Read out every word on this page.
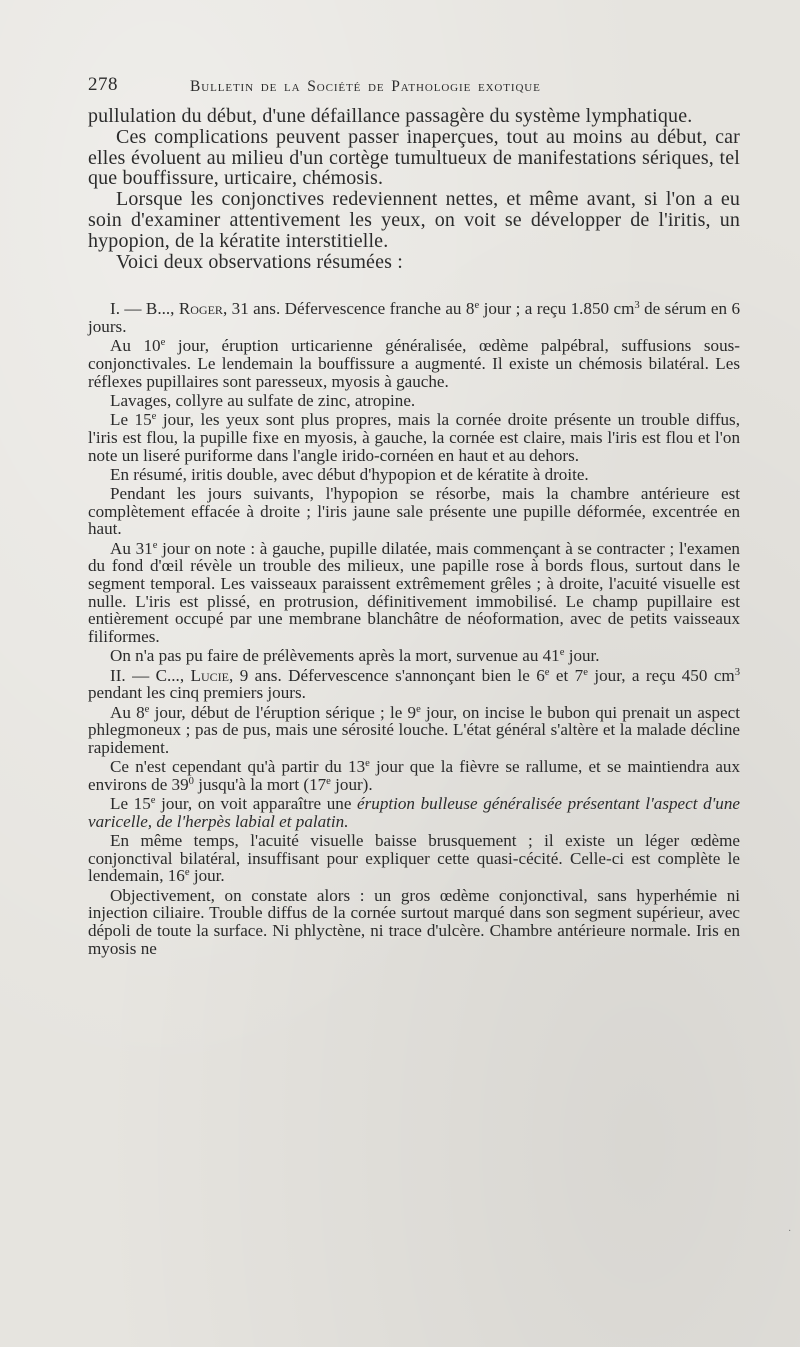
278	Bulletin de la Société de Pathologie exotique

pullulation du début, d'une défaillance passagère du système lymphatique.

Ces complications peuvent passer inaperçues, tout au moins au début, car elles évoluent au milieu d'un cortège tumultueux de manifestations sériques, tel que bouffissure, urticaire, chémosis.

Lorsque les conjonctives redeviennent nettes, et même avant, si l'on a eu soin d'examiner attentivement les yeux, on voit se développer de l'iritis, un hypopion, de la kératite interstitielle.

Voici deux observations résumées :

I. — B..., Roger, 31 ans. Défervescence franche au 8e jour ; a reçu 1.850 $cm^3$ de sérum en 6 jours.

Au 10e jour, éruption urticarienne généralisée, œdème palpébral, suffusions sous-conjonctivales. Le lendemain la bouffissure a augmenté. Il existe un chémosis bilatéral. Les réflexes pupillaires sont paresseux, myosis à gauche.

Lavages, collyre au sulfate de zinc, atropine.

Le 15e jour, les yeux sont plus propres, mais la cornée droite présente un trouble diffus, l'iris est flou, la pupille fixe en myosis, à gauche, la cornée est claire, mais l'iris est flou et l'on note un liseré puriforme dans l'angle irido-cornéen en haut et au dehors.

En résumé, iritis double, avec début d'hypopion et de kératite à droite.

Pendant les jours suivants, l'hypopion se résorbe, mais la chambre antérieure est complètement effacée à droite ; l'iris jaune sale présente une pupille déformée, excentrée en haut.

Au 31e jour on note : à gauche, pupille dilatée, mais commençant à se contracter ; l'examen du fond d'œil révèle un trouble des milieux, une papille rose à bords flous, surtout dans le segment temporal. Les vaisseaux paraissent extrêmement grêles ; à droite, l'acuité visuelle est nulle. L'iris est plissé, en protrusion, définitivement immobilisé. Le champ pupillaire est entièrement occupé par une membrane blanchâtre de néoformation, avec de petits vaisseaux filiformes.

On n'a pas pu faire de prélèvements après la mort, survenue au 41e jour.

II. — C..., Lucie, 9 ans. Défervescence s'annonçant bien le 6e et 7e jour, a reçu 450 $cm^3$ pendant les cinq premiers jours.

Au 8e jour, début de l'éruption sérique ; le 9e jour, on incise le bubon qui prenait un aspect phlegmoneux ; pas de pus, mais une sérosité louche. L'état général s'altère et la malade décline rapidement.

Ce n'est cependant qu'à partir du 13e jour que la fièvre se rallume, et se maintiendra aux environs de $39^0$ jusqu'à la mort (17e jour).

Le 15e jour, on voit apparaître une éruption bulleuse généralisée présentant l'aspect d'une varicelle, de l'herpès labial et palatin.

En même temps, l'acuité visuelle baisse brusquement ; il existe un léger œdème conjonctival bilatéral, insuffisant pour expliquer cette quasi-cécité. Celle-ci est complète le lendemain, 16e jour.

Objectivement, on constate alors : un gros œdème conjonctival, sans hyperhémie ni injection ciliaire. Trouble diffus de la cornée surtout marqué dans son segment supérieur, avec dépoli de toute la surface. Ni phlyctène, ni trace d'ulcère. Chambre antérieure normale. Iris en myosis ne

·
